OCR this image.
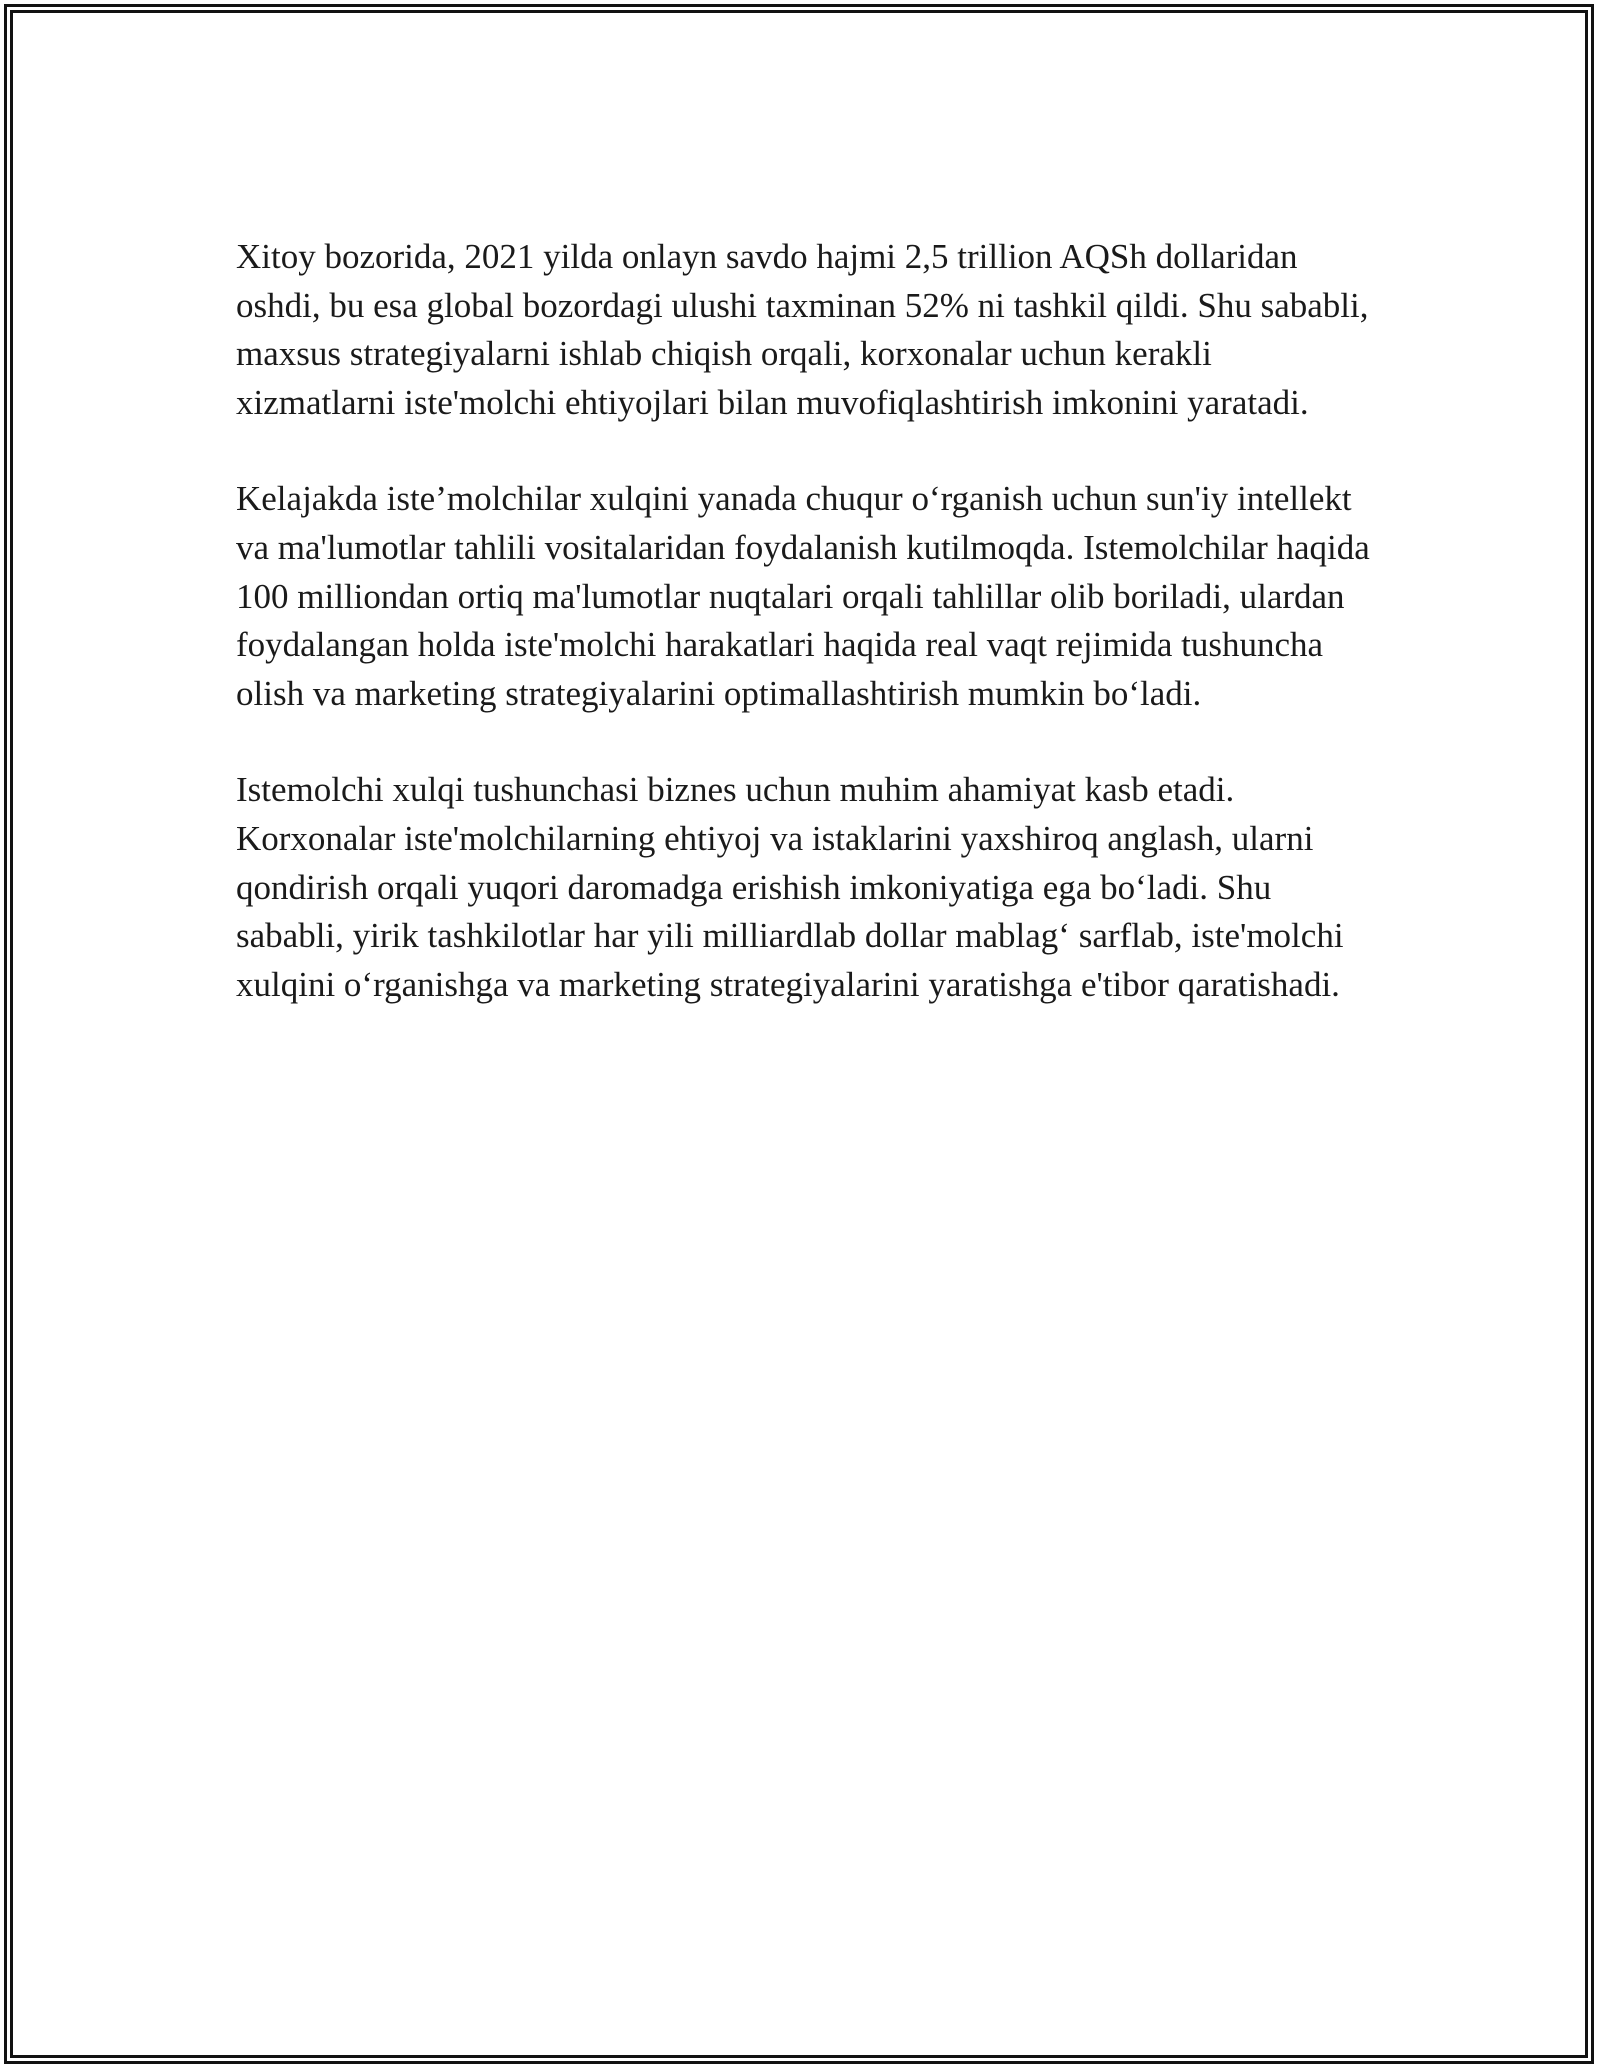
Xitoy bozorida, 2021 yilda onlayn savdo hajmi 2,5 trillion AQSh dollaridan oshdi, bu esa global bozordagi ulushi taxminan 52% ni tashkil qildi. Shu sababli, maxsus strategiyalarni ishlab chiqish orqali, korxonalar uchun kerakli xizmatlarni iste'molchi ehtiyojlari bilan muvofiqlashtirish imkonini yaratadi.

Kelajakda iste’molchilar xulqini yanada chuqur o‘rganish uchun sun'iy intellekt va ma'lumotlar tahlili vositalaridan foydalanish kutilmoqda. Istemolchilar haqida 100 milliondan ortiq ma'lumotlar nuqtalari orqali tahlillar olib boriladi, ulardan foydalangan holda iste'molchi harakatlari haqida real vaqt rejimida tushuncha olish va marketing strategiyalarini optimallashtirish mumkin bo‘ladi.

Istemolchi xulqi tushunchasi biznes uchun muhim ahamiyat kasb etadi. Korxonalar iste'molchilarning ehtiyoj va istaklarini yaxshiroq anglash, ularni qondirish orqali yuqori daromadga erishish imkoniyatiga ega bo‘ladi. Shu sababli, yirik tashkilotlar har yili milliardlab dollar mablag‘ sarflab, iste'molchi xulqini o‘rganishga va marketing strategiyalarini yaratishga e'tibor qaratishadi.
